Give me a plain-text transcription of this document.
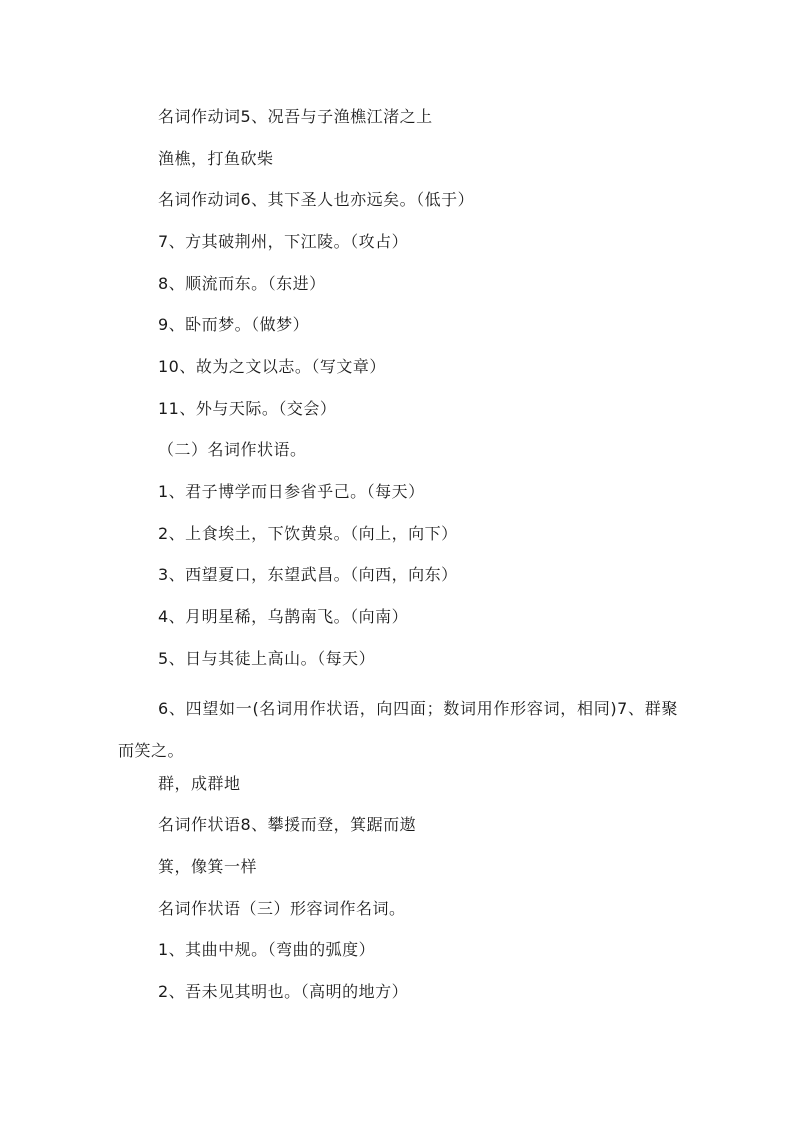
名词作动词5、况吾与子渔樵江渚之上
渔樵，打鱼砍柴
名词作动词6、其下圣人也亦远矣。（低于）
7、方其破荆州，下江陵。（攻占）
8、顺流而东。（东进）
9、卧而梦。（做梦）
10、故为之文以志。（写文章）
11、外与天际。（交会）
（二）名词作状语。
1、君子博学而日参省乎己。（每天）
2、上食埃土，下饮黄泉。（向上，向下）
3、西望夏口，东望武昌。（向西，向东）
4、月明星稀，乌鹊南飞。（向南）
5、日与其徒上高山。（每天）
6、四望如一(名词用作状语，向四面；数词用作形容词，相同)7、群聚而笑之。
群，成群地
名词作状语8、攀援而登，箕踞而遨
箕，像箕一样
名词作状语（三）形容词作名词。
1、其曲中规。（弯曲的弧度）
2、吾未见其明也。（高明的地方）
